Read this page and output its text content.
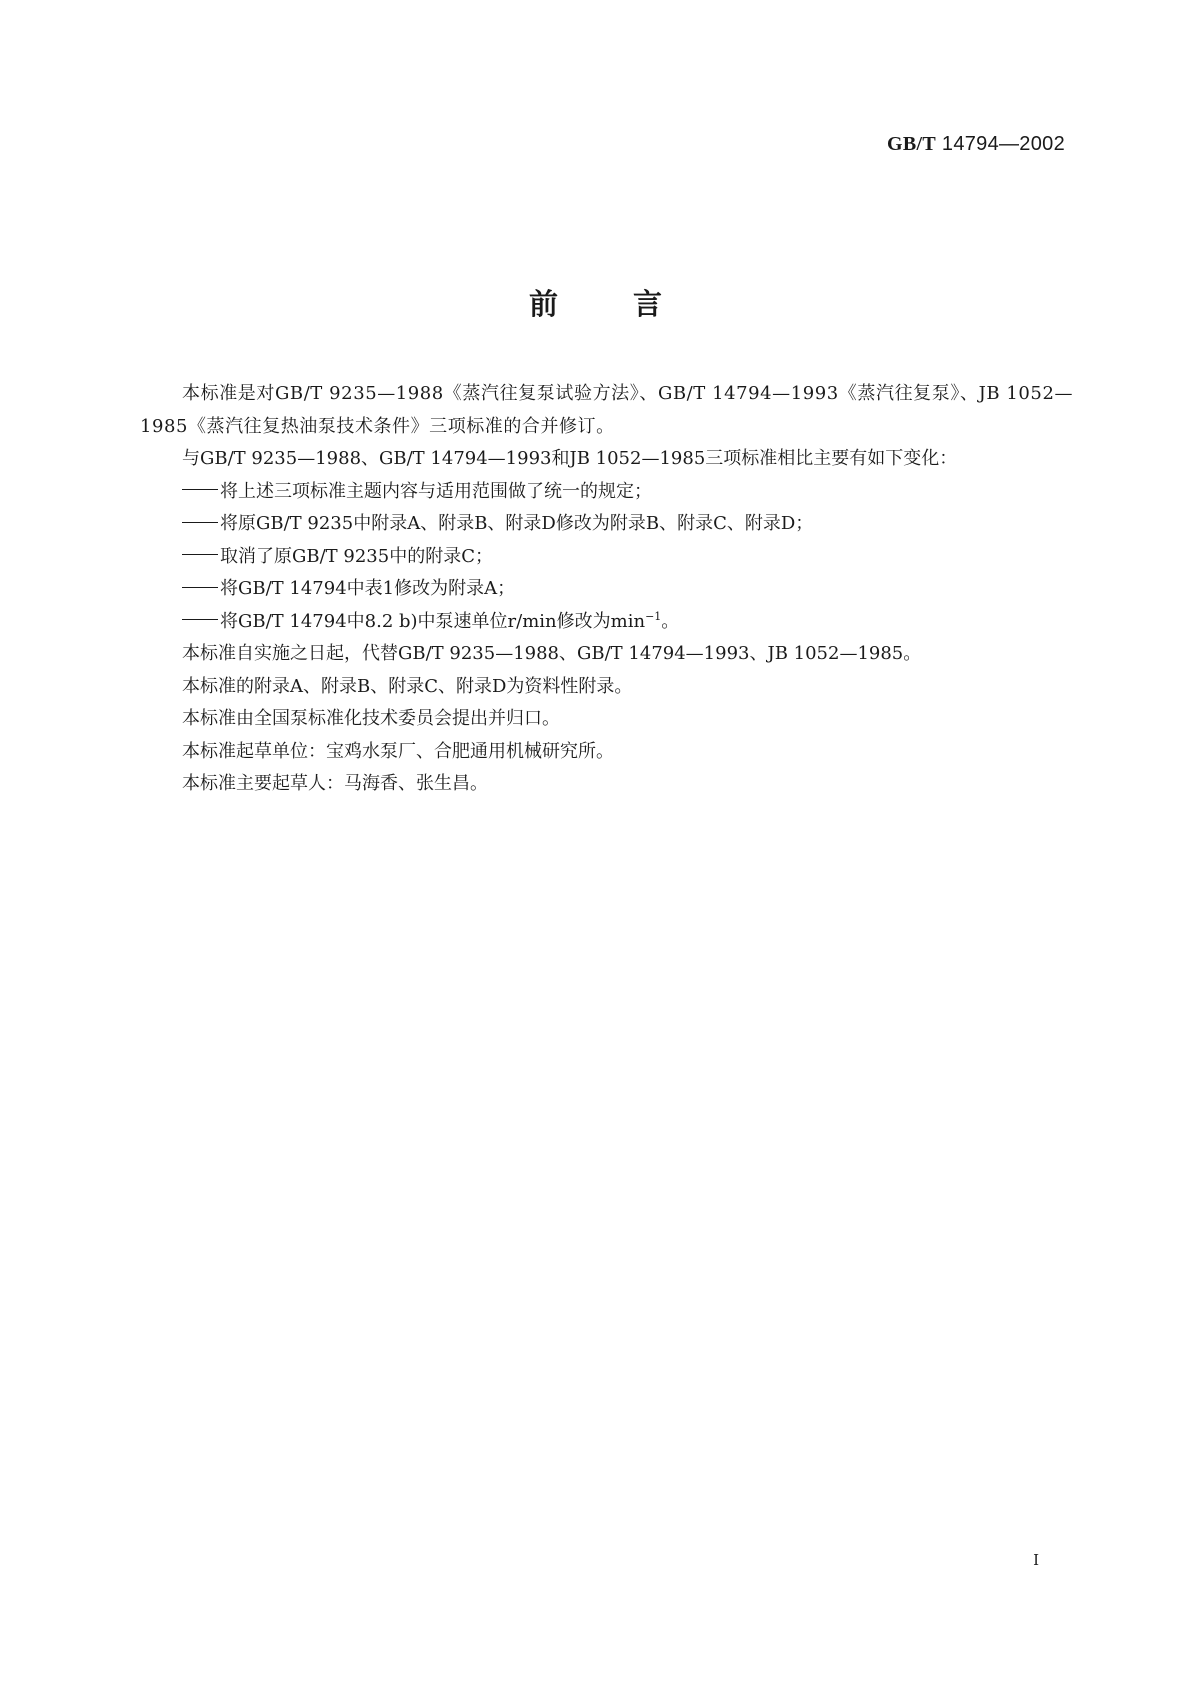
GB/T 14794—2002
前言

本标准是对GB/T 9235—1988《蒸汽往复泵试验方法》、GB/T 14794—1993《蒸汽往复泵》、JB 1052—1985《蒸汽往复热油泵技术条件》三项标准的合并修订。

与GB/T 9235—1988、GB/T 14794—1993和JB 1052—1985三项标准相比主要有如下变化：

将上述三项标准主题内容与适用范围做了统一的规定；

将原GB/T 9235中附录A、附录B、附录D修改为附录B、附录C、附录D；

取消了原GB/T 9235中的附录C；

将GB/T 14794中表1修改为附录A；

将GB/T 14794中8.2 b)中泵速单位r/min修改为$\min^{-1}$。

本标准自实施之日起，代替GB/T 9235—1988、GB/T 14794—1993、JB 1052—1985。

本标准的附录A、附录B、附录C、附录D为资料性附录。

本标准由全国泵标准化技术委员会提出并归口。

本标准起草单位：宝鸡水泵厂、合肥通用机械研究所。

本标准主要起草人：马海香、张生昌。

I
